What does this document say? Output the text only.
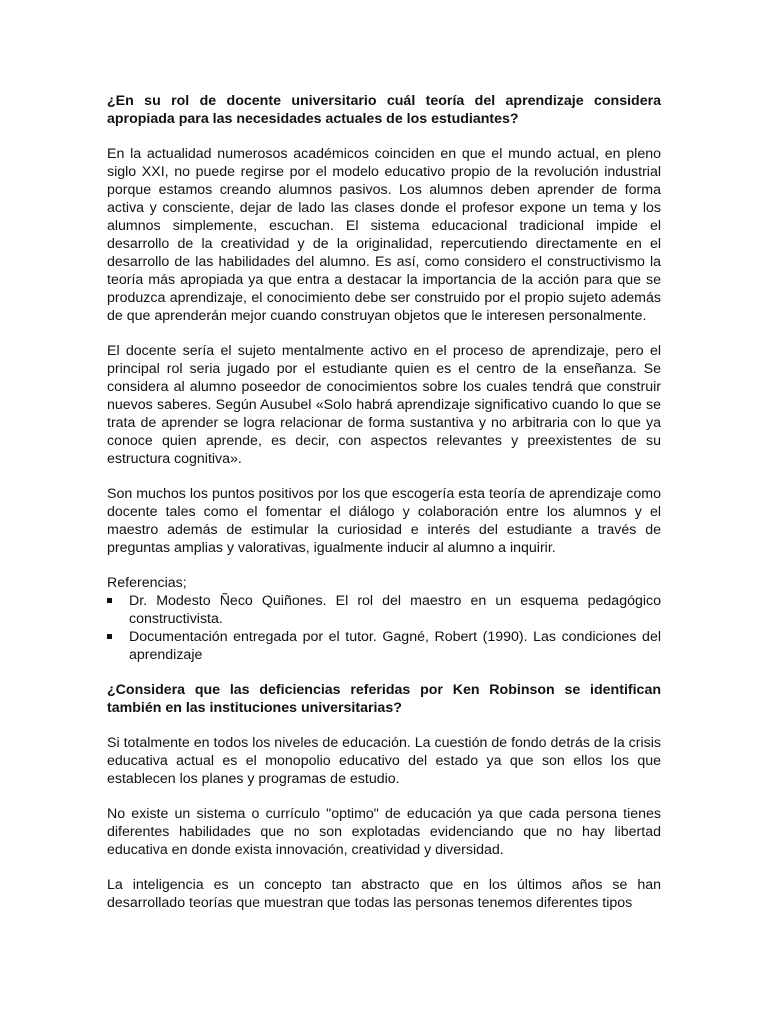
¿En su rol de docente universitario cuál teoría del aprendizaje considera apropiada para las necesidades actuales de los estudiantes?

En la actualidad numerosos académicos coinciden en que el mundo actual, en pleno siglo XXI, no puede regirse por el modelo educativo propio de la revolución industrial porque estamos creando alumnos pasivos. Los alumnos deben aprender de forma activa y consciente, dejar de lado las clases donde el profesor expone un tema y los alumnos simplemente, escuchan. El sistema educacional tradicional impide el desarrollo de la creatividad y de la originalidad, repercutiendo directamente en el desarrollo de las habilidades del alumno. Es así, como considero el constructivismo la teoría más apropiada ya que entra a destacar la importancia de la acción para que se produzca aprendizaje, el conocimiento debe ser construido por el propio sujeto además de que aprenderán mejor cuando construyan objetos que le interesen personalmente.

El docente sería el sujeto mentalmente activo en el proceso de aprendizaje, pero el principal rol seria jugado por el estudiante quien es el centro de la enseñanza. Se considera al alumno poseedor de conocimientos sobre los cuales tendrá que construir nuevos saberes. Según Ausubel «Solo habrá aprendizaje significativo cuando lo que se trata de aprender se logra relacionar de forma sustantiva y no arbitraria con lo que ya conoce quien aprende, es decir, con aspectos relevantes y preexistentes de su estructura cognitiva».

Son muchos los puntos positivos por los que escogería esta teoría de aprendizaje como docente tales como el fomentar el diálogo y colaboración entre los alumnos y el maestro además de estimular la curiosidad e interés del estudiante a través de preguntas amplias y valorativas, igualmente inducir al alumno a inquirir.

Referencias;

Dr. Modesto Ñeco Quiñones. El rol del maestro en un esquema pedagógico constructivista.
Documentación entregada por el tutor. Gagné, Robert (1990). Las condiciones del aprendizaje

¿Considera que las deficiencias referidas por Ken Robinson se identifican también en las instituciones universitarias?

Si totalmente en todos los niveles de educación. La cuestión de fondo detrás de la crisis educativa actual es el monopolio educativo del estado ya que son ellos los que establecen los planes y programas de estudio.

No existe un sistema o currículo "optimo" de educación ya que cada persona tienes diferentes habilidades que no son explotadas evidenciando que no hay libertad educativa en donde exista innovación, creatividad y diversidad.

La inteligencia es un concepto tan abstracto que en los últimos años se han desarrollado teorías que muestran que todas las personas tenemos diferentes tipos
